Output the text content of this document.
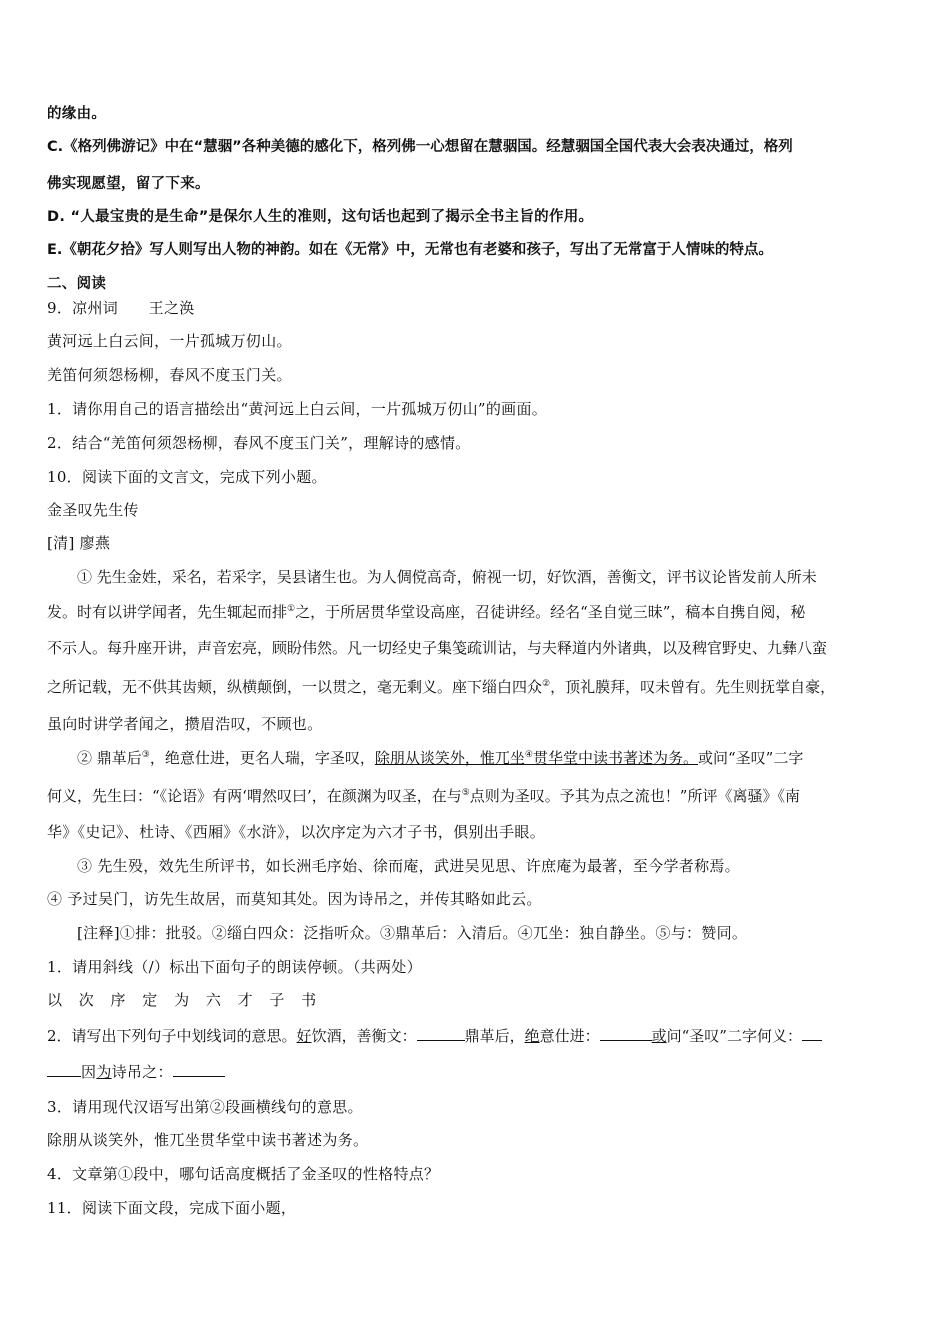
的缘由。
C.《格列佛游记》中在“慧骃”各种美德的感化下，格列佛一心想留在慧骃国。经慧骃国全国代表大会表决通过，格列
佛实现愿望，留了下来。
D. “人最宝贵的是生命”是保尔人生的准则，这句话也起到了揭示全书主旨的作用。
E.《朝花夕拾》写人则写出人物的神韵。如在《无常》中，无常也有老婆和孩子，写出了无常富于人情味的特点。
二、阅读
9．凉州词　　王之涣
黄河远上白云间，一片孤城万仞山。
羌笛何须怨杨柳，春风不度玉门关。
1．请你用自己的语言描绘出“黄河远上白云间，一片孤城万仞山”的画面。
2．结合“羌笛何须怨杨柳，春风不度玉门关”，理解诗的感情。
10．阅读下面的文言文，完成下列小题。
金圣叹先生传
[清] 廖燕
① 先生金姓，采名，若采字，吴县诸生也。为人倜傥高奇，俯视一切，好饮酒，善衡文，评书议论皆发前人所未
发。时有以讲学闻者，先生辄起而排①之，于所居贯华堂设高座，召徒讲经。经名“圣自觉三昧”，稿本自携自阅，秘
不示人。每升座开讲，声音宏亮，顾盼伟然。凡一切经史子集笺疏训诂，与夫释道内外诸典，以及稗官野史、九彝八蛮
之所记载，无不供其齿颊，纵横颠倒，一以贯之，毫无剩义。座下缁白四众②，顶礼膜拜，叹未曾有。先生则抚掌自豪，
虽向时讲学者闻之，攒眉浩叹，不顾也。
② 鼎革后③，绝意仕进，更名人瑞，字圣叹，除朋从谈笑外，惟兀坐④贯华堂中读书著述为务。或问“圣叹”二字
何义，先生曰：“《论语》有两‘喟然叹曰’，在颜渊为叹圣，在与⑤点则为圣叹。予其为点之流也！”所评《离骚》《南
华》《史记》、杜诗、《西厢》《水浒》，以次序定为六才子书，俱别出手眼。
③ 先生殁，效先生所评书，如长洲毛序始、徐而庵，武进吴见思、许庶庵为最著，至今学者称焉。
④ 予过吴门，访先生故居，而莫知其处。因为诗吊之，并传其略如此云。
[注释]①排：批驳。②缁白四众：泛指听众。③鼎革后：入清后。④兀坐：独自静坐。⑤与：赞同。
1．请用斜线（/）标出下面句子的朗读停顿。（共两处）
以 次 序 定 为 六 才 子 书
2．请写出下列句子中划线词的意思。好饮酒，善衡文：	鼎革后，绝意仕进：	或问“圣叹”二字何义：
因为诗吊之：
3．请用现代汉语写出第②段画横线句的意思。
除朋从谈笑外，惟兀坐贯华堂中读书著述为务。
4．文章第①段中，哪句话高度概括了金圣叹的性格特点？
11．阅读下面文段，完成下面小题，
